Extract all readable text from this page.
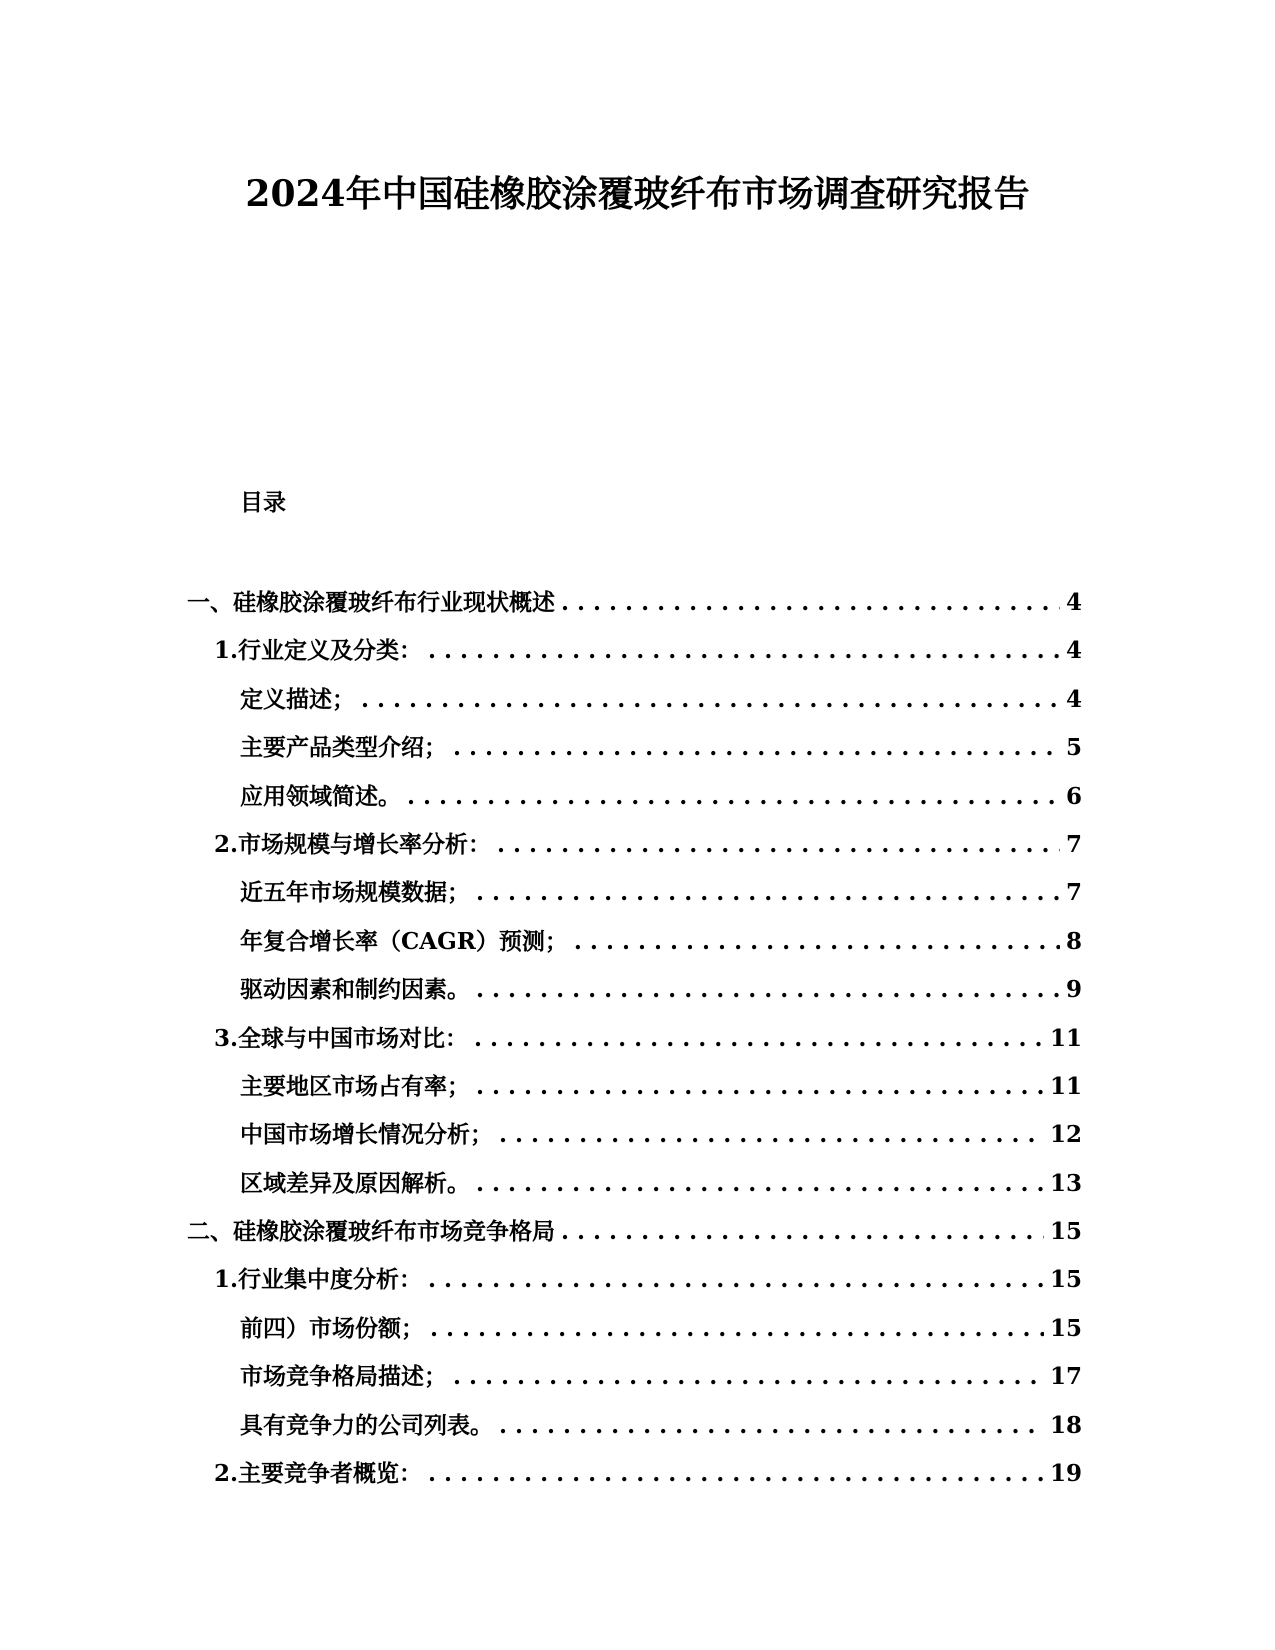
2024年中国硅橡胶涂覆玻纤布市场调查研究报告
目录
一、硅橡胶涂覆玻纤布行业现状概述 . . .	4
1. 行业定义及分类： . . .	4
定义描述； . . .	4
主要产品类型介绍； . . .	5
应用领域简述。 . . .	6
2. 市场规模与增长率分析： . . .	7
近五年市场规模数据； . . .	7
年复合增长率（CAGR）预测； . . .	8
驱动因素和制约因素。 . . .	9
3. 全球与中国市场对比： . . .	11
主要地区市场占有率； . . .	11
中国市场增长情况分析； . . .	12
区域差异及原因解析。 . . .	13
二、硅橡胶涂覆玻纤布市场竞争格局 . . .	15
1. 行业集中度分析： . . .	15
前四）市场份额； . . .	15
市场竞争格局描述； . . .	17
具有竞争力的公司列表。 . . .	18
2. 主要竞争者概览： . . .	19
